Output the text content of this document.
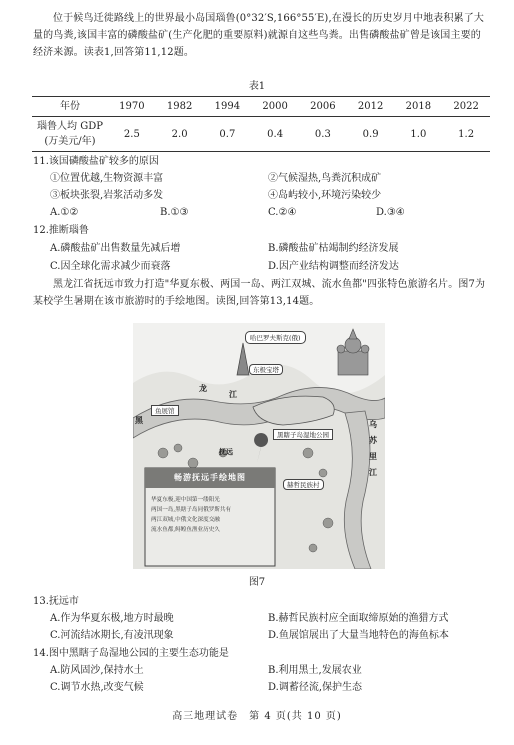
位于候鸟迁徙路线上的世界最小岛国瑙鲁(0°32′S,166°55′E),在漫长的历史岁月中地表积累了大量的鸟粪,该国丰富的磷酸盐矿(生产化肥的重要原料)就源自这些鸟粪。出售磷酸盐矿曾是该国主要的经济来源。读表1,回答第11,12题。
表1
年份	1970	1982	1994	2000	2006	2012	2018	2022

瑙鲁人均 GDP
(万美元/年)	2.5	2.0	0.7	0.4	0.3	0.9	1.0	1.2
11.该国磷酸盐矿较多的原因
①位置优越,生物资源丰富	②气候湿热,鸟粪沉积成矿
③板块张裂,岩浆活动多发	④岛屿较小,环境污染较少
A.①②	B.①③	C.②④	D.③④
12.推断瑙鲁
A.磷酸盐矿出售数量先减后增	B.磷酸盐矿枯竭制约经济发展
C.因全球化需求减少而衰落	D.因产业结构调整而经济发达
黑龙江省抚远市致力打造"华夏东极、两国一岛、两江双城、流水鱼都"四张特色旅游名片。图7为某校学生暑期在该市旅游时的手绘地图。读图,回答第13,14题。
哈巴罗夫斯克(俄)
东极宝塔
鱼展馆
黑瞎子岛湿地公园
赫哲民族村
黑
龙
江
乌
苏
里
江
抚远
畅游抚远手绘地图
华夏东极,迎中国第一缕阳光
两国一岛,黑瞎子岛同俄罗斯共有
两江双城,中俄文化深度交融
流水鱼都,鲟鳇鱼渔业历史久
图7
13.抚远市
A.作为华夏东极,地方时最晚	B.赫哲民族村应全面取缔原始的渔猎方式
C.河流结冰期长,有凌汛现象	D.鱼展馆展出了大量当地特色的海鱼标本
14.图中黑瞎子岛湿地公园的主要生态功能是
A.防风固沙,保持水土	B.利用黑土,发展农业
C.调节水热,改变气候	D.调蓄径流,保护生态
高三地理试卷　第 4 页(共 10 页)
